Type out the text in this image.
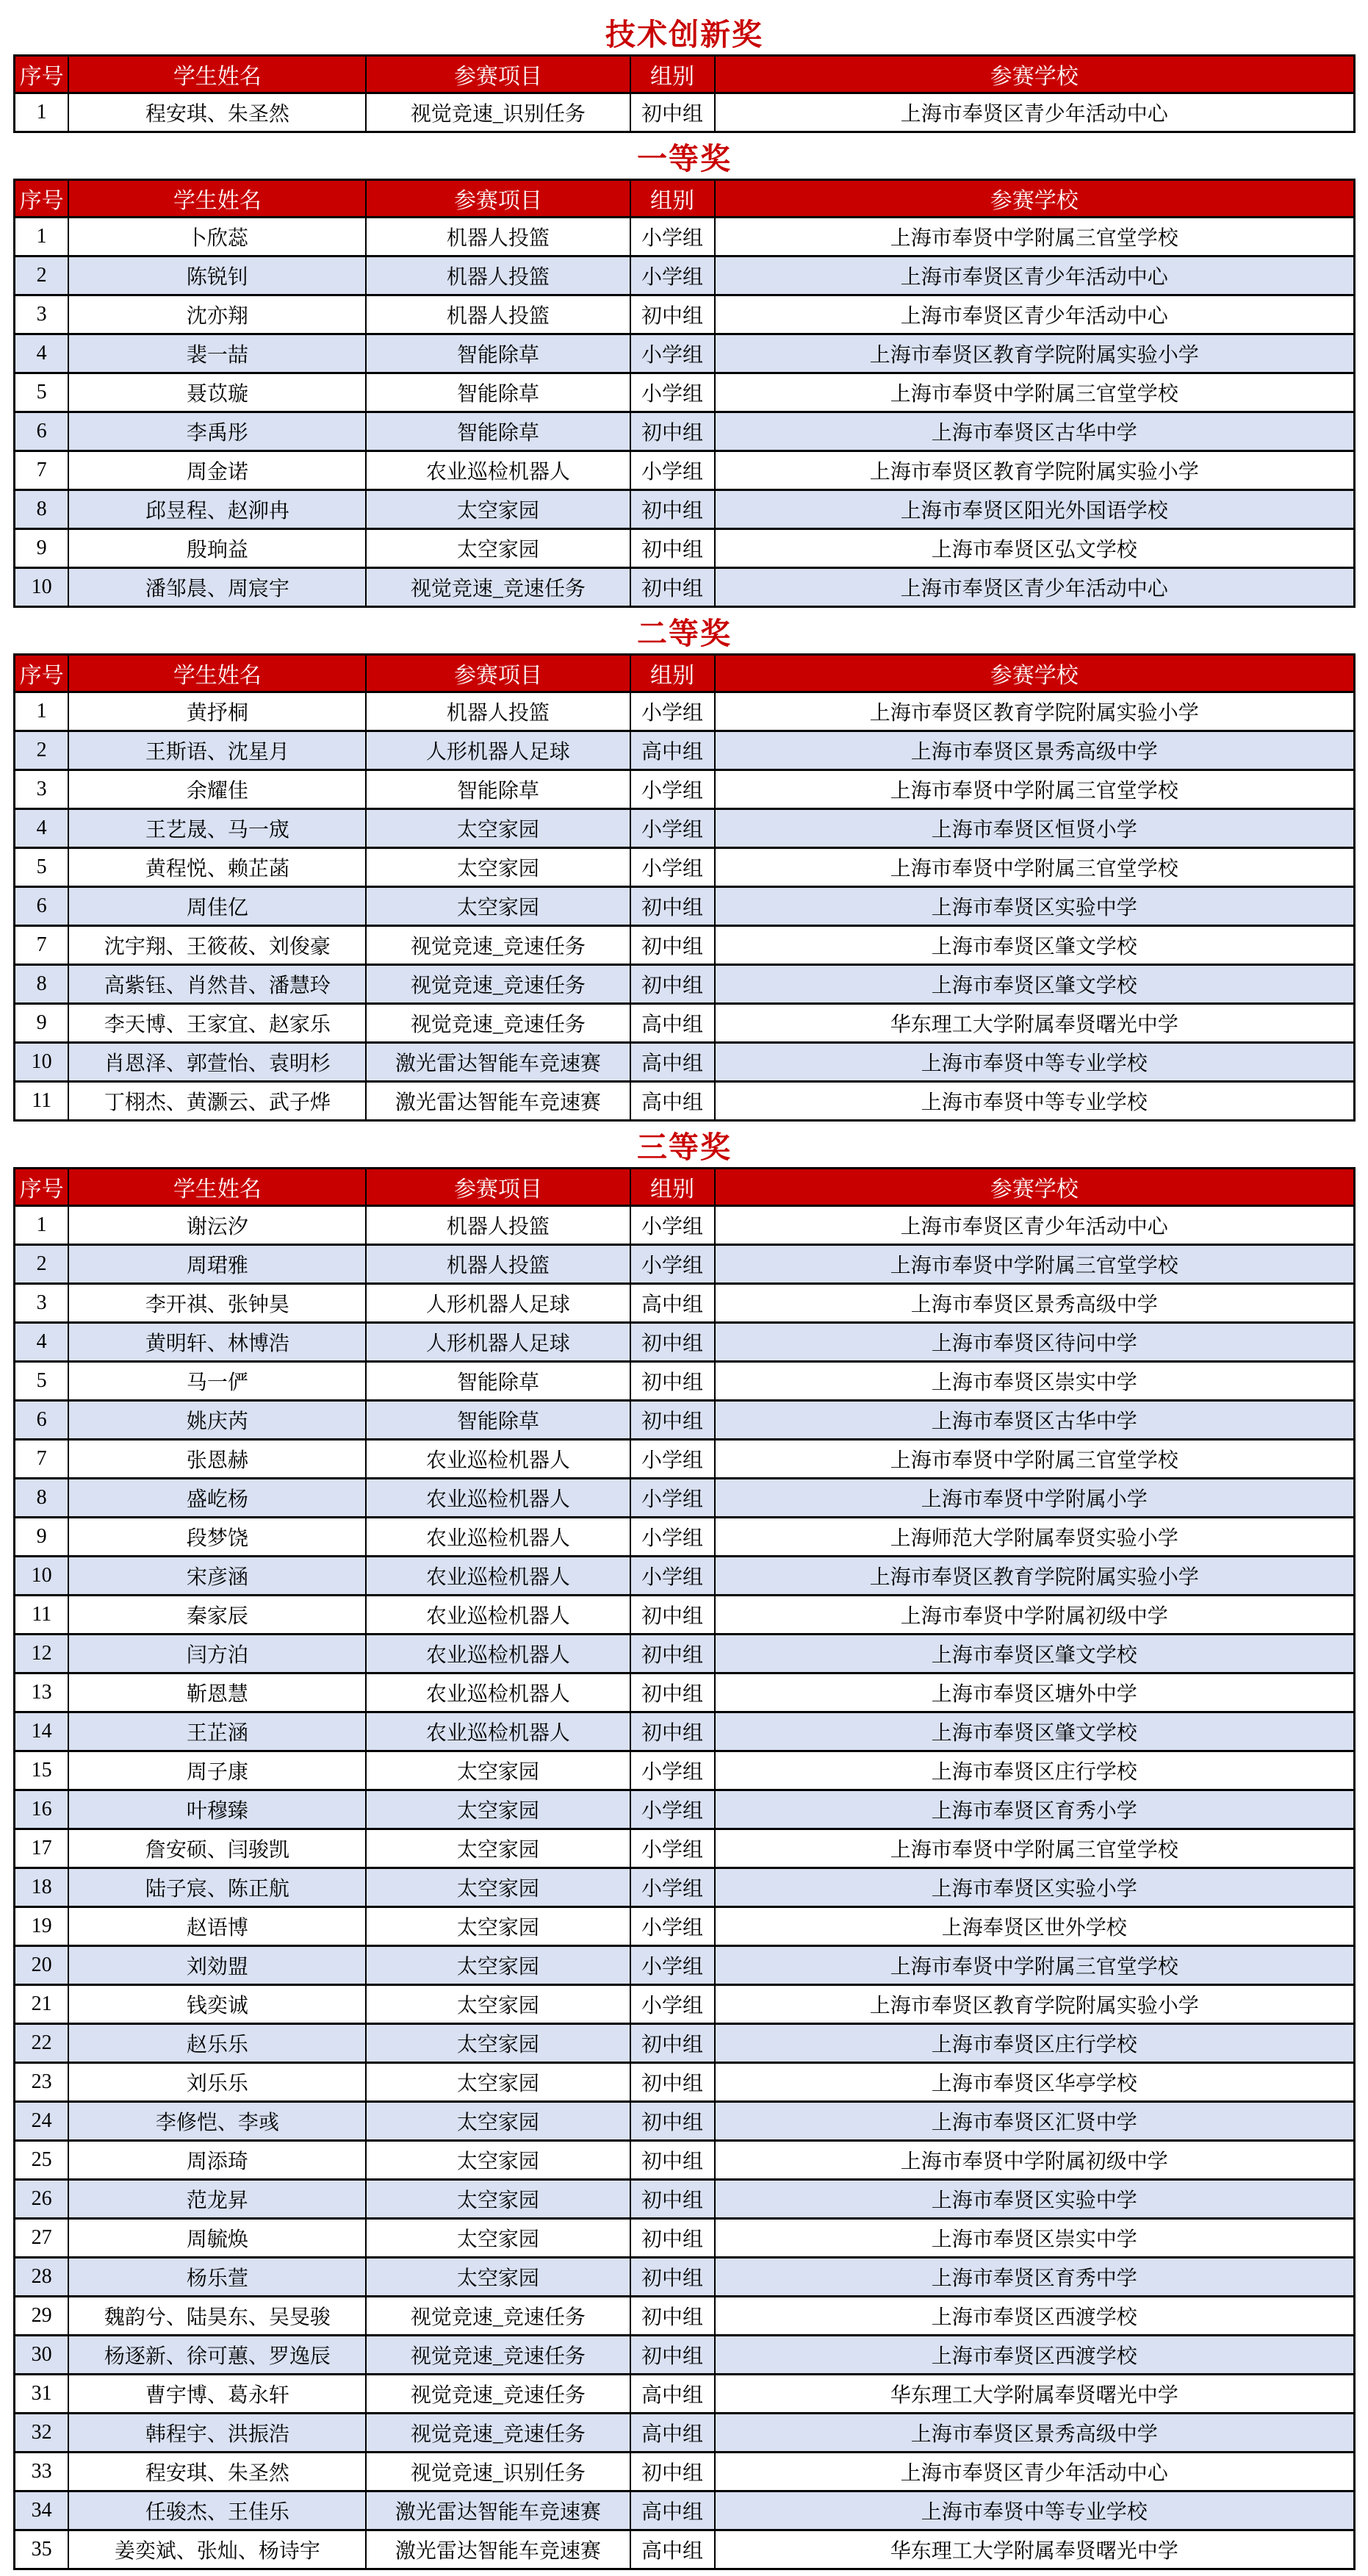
技术创新奖
序号	学生姓名	参赛项目	组别	参赛学校
1	程安琪、朱圣然	视觉竞速_识别任务	初中组	上海市奉贤区青少年活动中心
一等奖
序号	学生姓名	参赛项目	组别	参赛学校
1	卜欣蕊	机器人投篮	小学组	上海市奉贤中学附属三官堂学校
2	陈锐钊	机器人投篮	小学组	上海市奉贤区青少年活动中心
3	沈亦翔	机器人投篮	初中组	上海市奉贤区青少年活动中心
4	裴一喆	智能除草	小学组	上海市奉贤区教育学院附属实验小学
5	聂苡璇	智能除草	小学组	上海市奉贤中学附属三官堂学校
6	李禹彤	智能除草	初中组	上海市奉贤区古华中学
7	周金诺	农业巡检机器人	小学组	上海市奉贤区教育学院附属实验小学
8	邱昱程、赵泖冉	太空家园	初中组	上海市奉贤区阳光外国语学校
9	殷珦益	太空家园	初中组	上海市奉贤区弘文学校
10	潘邹晨、周宸宇	视觉竞速_竞速任务	初中组	上海市奉贤区青少年活动中心
二等奖
序号	学生姓名	参赛项目	组别	参赛学校
1	黄抒桐	机器人投篮	小学组	上海市奉贤区教育学院附属实验小学
2	王斯语、沈星月	人形机器人足球	高中组	上海市奉贤区景秀高级中学
3	余耀佳	智能除草	小学组	上海市奉贤中学附属三官堂学校
4	王艺晟、马一宬	太空家园	小学组	上海市奉贤区恒贤小学
5	黄程悦、赖芷菡	太空家园	小学组	上海市奉贤中学附属三官堂学校
6	周佳亿	太空家园	初中组	上海市奉贤区实验中学
7	沈宇翔、王筱莜、刘俊豪	视觉竞速_竞速任务	初中组	上海市奉贤区肇文学校
8	高紫钰、肖然昔、潘慧玲	视觉竞速_竞速任务	初中组	上海市奉贤区肇文学校
9	李天博、王家宜、赵家乐	视觉竞速_竞速任务	高中组	华东理工大学附属奉贤曙光中学
10	肖恩泽、郭萱怡、袁明杉	激光雷达智能车竞速赛	高中组	上海市奉贤中等专业学校
11	丁栩杰、黄灏云、武子烨	激光雷达智能车竞速赛	高中组	上海市奉贤中等专业学校
三等奖
序号	学生姓名	参赛项目	组别	参赛学校
1	谢沄汐	机器人投篮	小学组	上海市奉贤区青少年活动中心
2	周珺雅	机器人投篮	小学组	上海市奉贤中学附属三官堂学校
3	李开祺、张钟昊	人形机器人足球	高中组	上海市奉贤区景秀高级中学
4	黄明轩、林博浩	人形机器人足球	初中组	上海市奉贤区待问中学
5	马一俨	智能除草	初中组	上海市奉贤区崇实中学
6	姚庆芮	智能除草	初中组	上海市奉贤区古华中学
7	张恩赫	农业巡检机器人	小学组	上海市奉贤中学附属三官堂学校
8	盛屹杨	农业巡检机器人	小学组	上海市奉贤中学附属小学
9	段梦饶	农业巡检机器人	小学组	上海师范大学附属奉贤实验小学
10	宋彦涵	农业巡检机器人	小学组	上海市奉贤区教育学院附属实验小学
11	秦家辰	农业巡检机器人	初中组	上海市奉贤中学附属初级中学
12	闫方泊	农业巡检机器人	初中组	上海市奉贤区肇文学校
13	靳恩慧	农业巡检机器人	初中组	上海市奉贤区塘外中学
14	王芷涵	农业巡检机器人	初中组	上海市奉贤区肇文学校
15	周子康	太空家园	小学组	上海市奉贤区庄行学校
16	叶穆臻	太空家园	小学组	上海市奉贤区育秀小学
17	詹安硕、闫骏凯	太空家园	小学组	上海市奉贤中学附属三官堂学校
18	陆子宸、陈正航	太空家园	小学组	上海市奉贤区实验小学
19	赵语博	太空家园	小学组	上海奉贤区世外学校
20	刘効盟	太空家园	小学组	上海市奉贤中学附属三官堂学校
21	钱奕诚	太空家园	小学组	上海市奉贤区教育学院附属实验小学
22	赵乐乐	太空家园	初中组	上海市奉贤区庄行学校
23	刘乐乐	太空家园	初中组	上海市奉贤区华亭学校
24	李修恺、李彧	太空家园	初中组	上海市奉贤区汇贤中学
25	周添琦	太空家园	初中组	上海市奉贤中学附属初级中学
26	范龙昇	太空家园	初中组	上海市奉贤区实验中学
27	周毓焕	太空家园	初中组	上海市奉贤区崇实中学
28	杨乐萱	太空家园	初中组	上海市奉贤区育秀中学
29	魏韵兮、陆昊东、吴旻骏	视觉竞速_竞速任务	初中组	上海市奉贤区西渡学校
30	杨逐新、徐可蕙、罗逸辰	视觉竞速_竞速任务	初中组	上海市奉贤区西渡学校
31	曹宇博、葛永轩	视觉竞速_竞速任务	高中组	华东理工大学附属奉贤曙光中学
32	韩程宇、洪振浩	视觉竞速_竞速任务	高中组	上海市奉贤区景秀高级中学
33	程安琪、朱圣然	视觉竞速_识别任务	初中组	上海市奉贤区青少年活动中心
34	任骏杰、王佳乐	激光雷达智能车竞速赛	高中组	上海市奉贤中等专业学校
35	姜奕斌、张灿、杨诗宇	激光雷达智能车竞速赛	高中组	华东理工大学附属奉贤曙光中学
